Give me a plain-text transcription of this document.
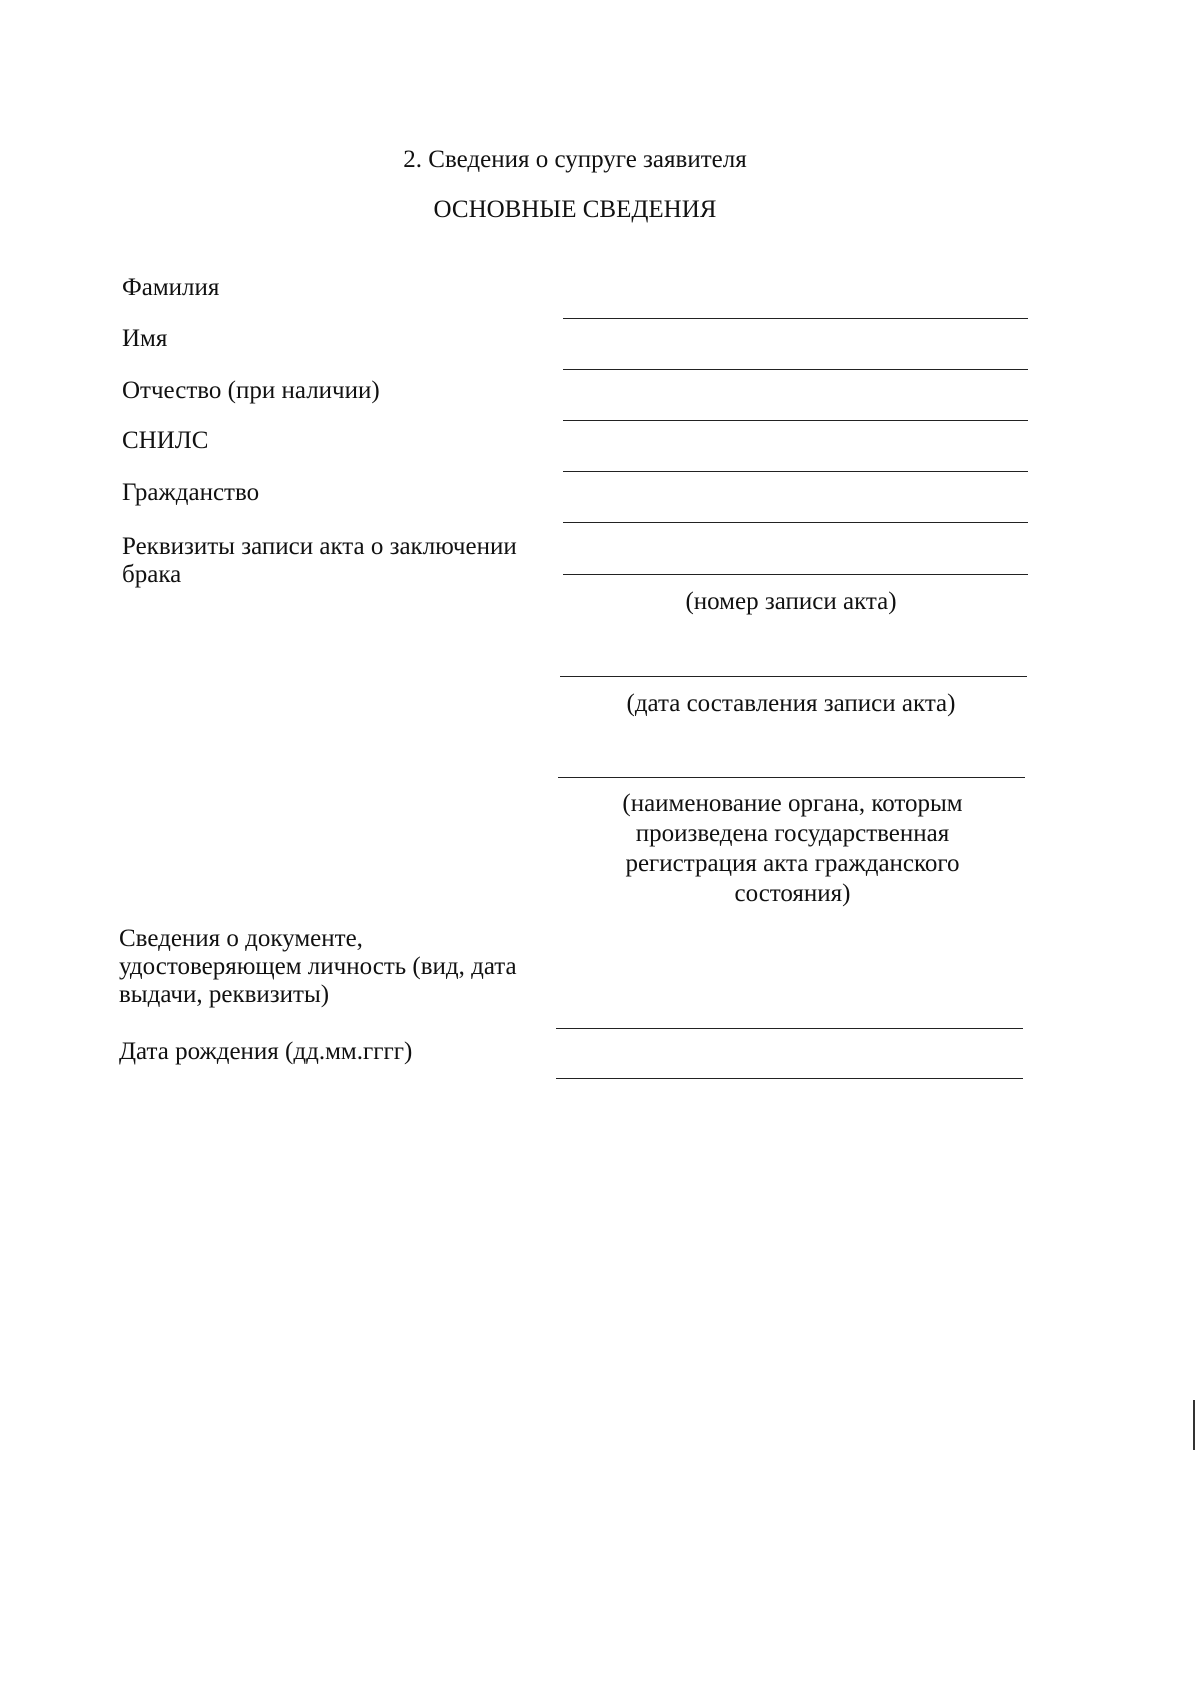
2. Сведения о супруге заявителя
ОСНОВНЫЕ СВЕДЕНИЯ
Фамилия
Имя
Отчество (при наличии)
СНИЛС
Гражданство
Реквизиты записи акта о заключении брака
(номер записи акта)
(дата составления записи акта)
(наименование органа, которым произведена государственная регистрация акта гражданского состояния)
Сведения о документе, удостоверяющем личность (вид, дата выдачи, реквизиты)
Дата рождения (дд.мм.гггг)
